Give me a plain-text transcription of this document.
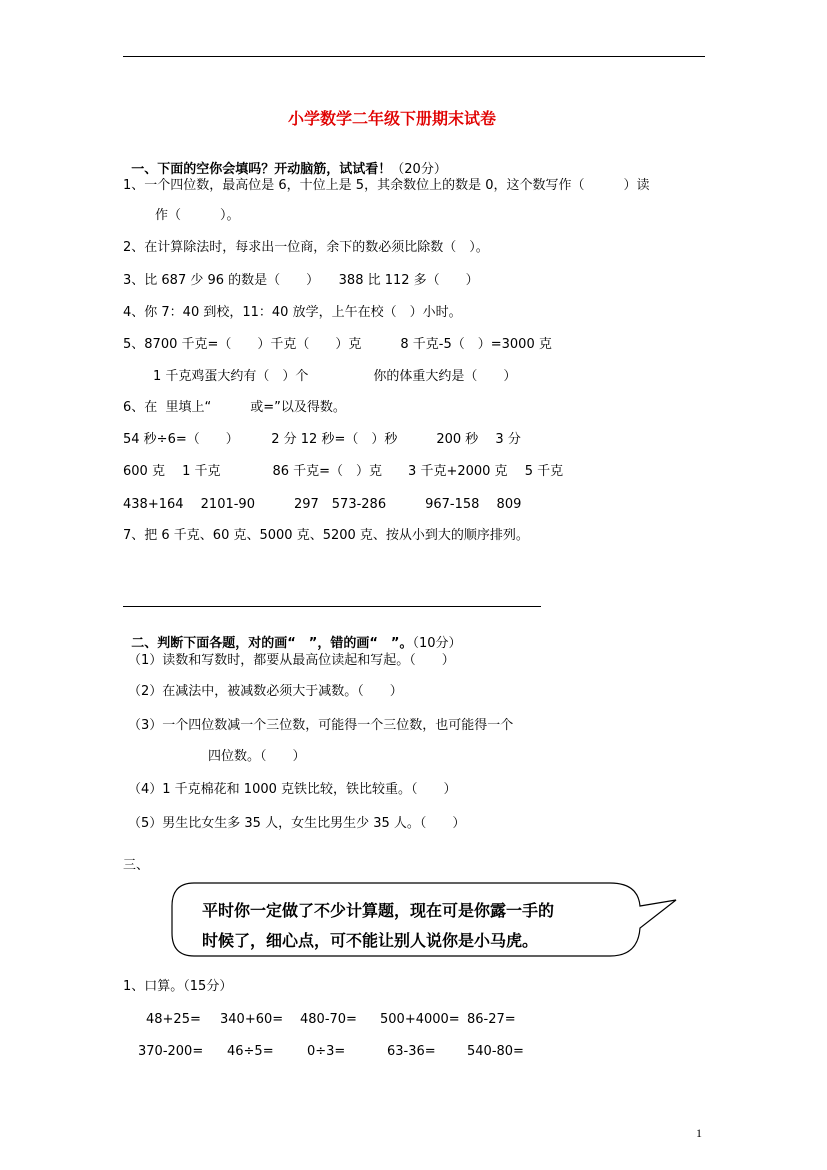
小学数学二年级下册期末试卷

一、下面的空你会填吗？开动脑筋，试试看！（20分）

1、一个四位数，最高位是 6，十位上是 5，其余数位上的数是 0，这个数写作（　　　）读
作（　　　）。
2、在计算除法时，每求出一位商，余下的数必须比除数（　）。
3、比 687 少 96 的数是（　　）　　388 比 112 多（　　）
4、你 7：40 到校，11：40 放学，上午在校（　）小时。
5、8700 千克=（　　）千克（　　）克　　　8 千克-5（　）=3000 克
1 千克鸡蛋大约有（　）个　　　　　你的体重大约是（　　）
6、在  里填上“　　　或=”以及得数。
54 秒÷6=（　　）　　　2 分 12 秒=（　）秒　　　200 秒　 3 分
600 克　 1 千克　　　　86 千克=（　）克　　3 千克+2000 克　 5 千克
438+164　 2101-90　　　297　573-286　　　967-158　 809
7、把 6 千克、60 克、5000 克、5200 克、按从小到大的顺序排列。

二、判断下面各题，对的画“　”，错的画“　”。（10分）

（1）读数和写数时，都要从最高位读起和写起。（　　）
（2）在减法中，被减数必须大于减数。（　　）
（3）一个四位数减一个三位数，可能得一个三位数，也可能得一个
四位数。（　　）
（4）1 千克棉花和 1000 克铁比较，铁比较重。（　　）
（5）男生比女生多 35 人，女生比男生少 35 人。（　　）
三、
平时你一定做了不少计算题，现在可是你露一手的
时候了，细心点，可不能让别人说你是小马虎。
1、口算。（15分）
48+25= 340+60= 480-70= 500+4000= 86-27=
370-200= 46÷5=	0÷3=	63-36= 540-80=
1
